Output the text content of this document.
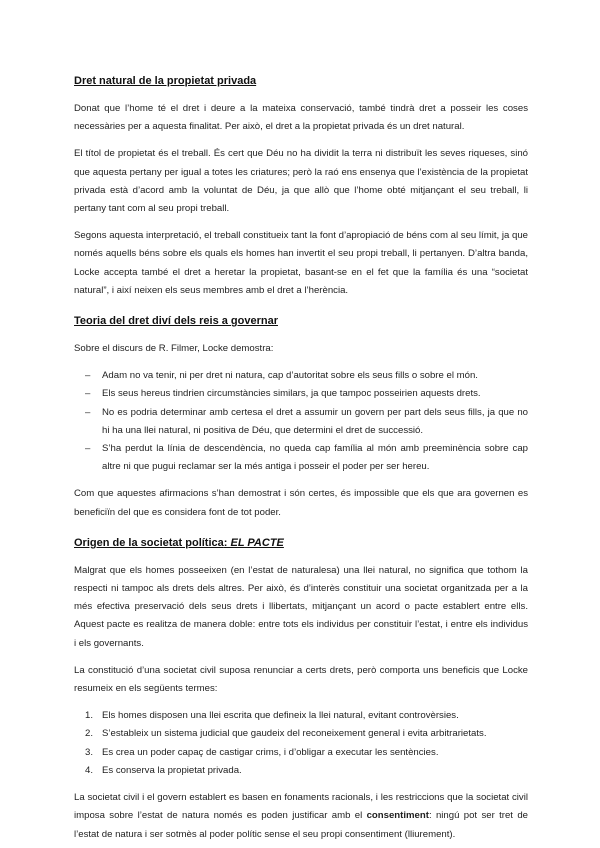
Dret natural de la propietat privada

Donat que l’home té el dret i deure a la mateixa conservació, també tindrà dret a posseir les coses necessàries per a aquesta finalitat. Per això, el dret a la propietat privada és un dret natural.

El títol de propietat és el treball. És cert que Déu no ha dividit la terra ni distribuït les seves riqueses, sinó que aquesta pertany per igual a totes les criatures; però la raó ens ensenya que l’existència de la propietat privada està d’acord amb la voluntat de Déu, ja que allò que l’home obté mitjançant el seu treball, li pertany tant com al seu propi treball.

Segons aquesta interpretació, el treball constitueix tant la font d’apropiació de béns com al seu límit, ja que només aquells béns sobre els quals els homes han invertit el seu propi treball, li pertanyen. D’altra banda, Locke accepta també el dret a heretar la propietat, basant-se en el fet que la família és una “societat natural”, i així neixen els seus membres amb el dret a l’herència.

Teoria del dret diví dels reis a governar

Sobre el discurs de R. Filmer, Locke demostra:

– Adam no va tenir, ni per dret ni natura, cap d’autoritat sobre els seus fills o sobre el món.
– Els seus hereus tindrien circumstàncies similars, ja que tampoc posseirien aquests drets.
– No es podria determinar amb certesa el dret a assumir un govern per part dels seus fills, ja que no hi ha una llei natural, ni positiva de Déu, que determini el dret de successió.
– S’ha perdut la línia de descendència, no queda cap família al món amb preeminència sobre cap altre ni que pugui reclamar ser la més antiga i posseir el poder per ser hereu.

Com que aquestes afirmacions s’han demostrat i són certes, és impossible que els que ara governen es beneficiïn del que es considera font de tot poder.

Origen de la societat política: EL PACTE

Malgrat que els homes posseeixen (en l’estat de naturalesa) una llei natural, no significa que tothom la respecti ni tampoc als drets dels altres. Per això, és d’interès constituir una societat organitzada per a la més efectiva preservació dels seus drets i llibertats, mitjançant un acord o pacte establert entre ells. Aquest pacte es realitza de manera doble: entre tots els individus per constituir l’estat, i entre els individus i els governants.

La constitució d’una societat civil suposa renunciar a certs drets, però comporta uns beneficis que Locke resumeix en els següents termes:

1. Els homes disposen una llei escrita que defineix la llei natural, evitant controvèrsies.
2. S’estableix un sistema judicial que gaudeix del reconeixement general i evita arbitrarietats.
3. Es crea un poder capaç de castigar crims, i d’obligar a executar les sentències.
4. Es conserva la propietat privada.

La societat civil i el govern establert es basen en fonaments racionals, i les restriccions que la societat civil imposa sobre l’estat de natura només es poden justificar amb el consentiment: ningú pot ser tret de l’estat de natura i ser sotmès al poder polític sense el seu propi consentiment (lliurement).
